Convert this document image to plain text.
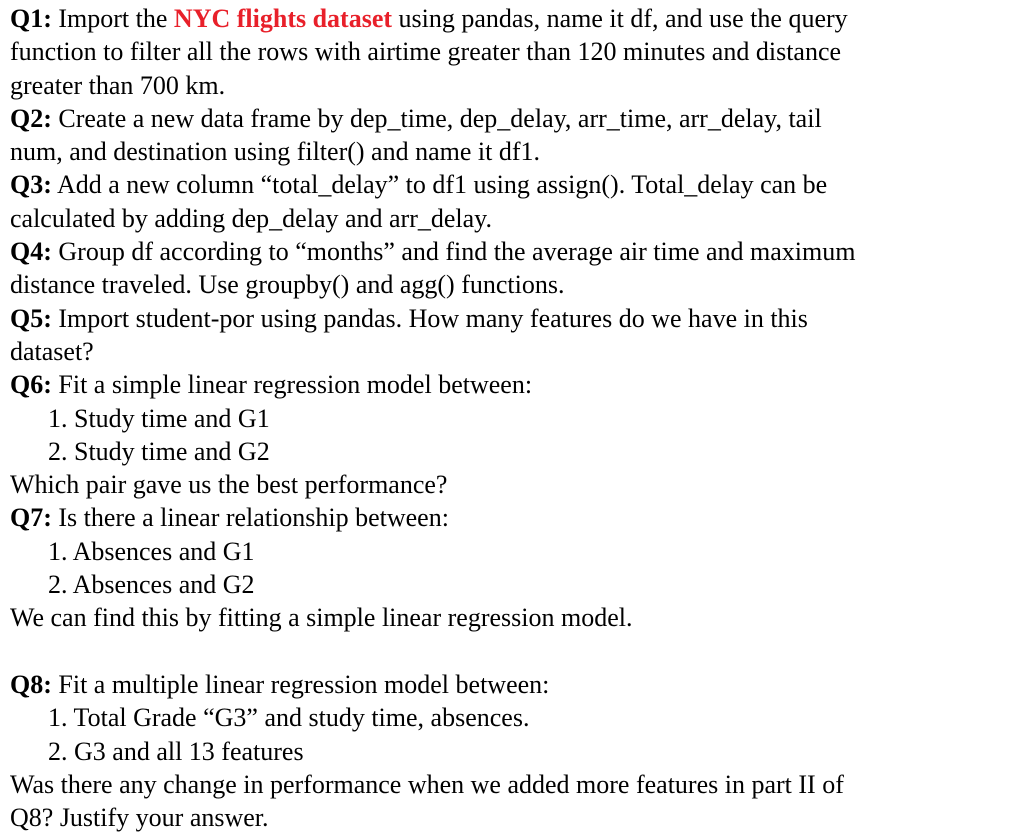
Q1: Import the NYC flights dataset using pandas, name it df, and use the query
function to filter all the rows with airtime greater than 120 minutes and distance
greater than 700 km.
Q2: Create a new data frame by dep_time, dep_delay, arr_time, arr_delay, tail
num, and destination using filter() and name it df1.
Q3: Add a new column “total_delay” to df1 using assign(). Total_delay can be
calculated by adding dep_delay and arr_delay.
Q4: Group df according to “months” and find the average air time and maximum
distance traveled. Use groupby() and agg() functions.
Q5: Import student-por using pandas. How many features do we have in this
dataset?
Q6: Fit a simple linear regression model between:
1. Study time and G1
2. Study time and G2
Which pair gave us the best performance?
Q7: Is there a linear relationship between:
1. Absences and G1
2. Absences and G2
We can find this by fitting a simple linear regression model.
Q8: Fit a multiple linear regression model between:
1. Total Grade “G3” and study time, absences.
2. G3 and all 13 features
Was there any change in performance when we added more features in part II of
Q8? Justify your answer.
